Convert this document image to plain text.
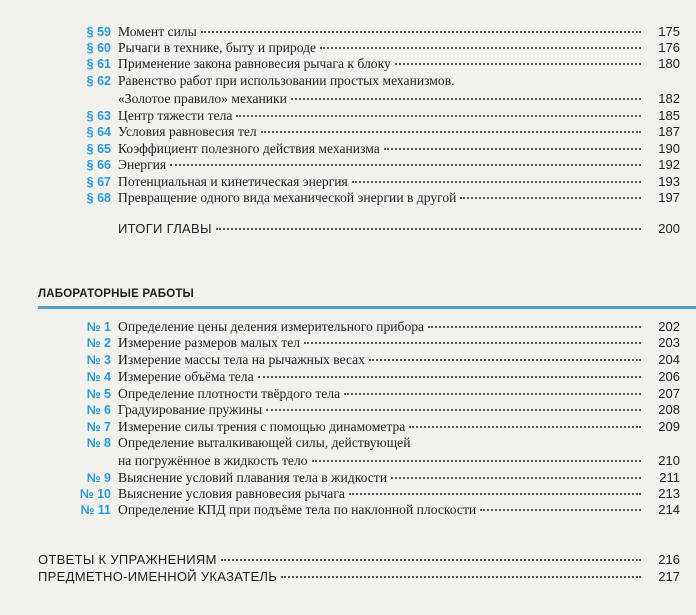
§ 59 Момент силы	175
§ 60 Рычаги в технике, быту и природе	176
§ 61 Применение закона равновесия рычага к блоку	180
§ 62 Равенство работ при использовании простых механизмов.
«Золотое правило» механики	182
§ 63 Центр тяжести тела	185
§ 64 Условия равновесия тел	187
§ 65 Коэффициент полезного действия механизма	190
§ 66 Энергия	192
§ 67 Потенциальная и кинетическая энергия	193
§ 68 Превращение одного вида механической энергии в другой	197
ИТОГИ ГЛАВЫ	200
ЛАБОРАТОРНЫЕ РАБОТЫ
№ 1 Определение цены деления измерительного прибора	202
№ 2 Измерение размеров малых тел	203
№ 3 Измерение массы тела на рычажных весах	204
№ 4 Измерение объёма тела	206
№ 5 Определение плотности твёрдого тела	207
№ 6 Градуирование пружины	208
№ 7 Измерение силы трения с помощью динамометра	209
№ 8 Определение выталкивающей силы, действующей
на погружённое в жидкость тело	210
№ 9 Выяснение условий плавания тела в жидкости	211
№ 10 Выяснение условия равновесия рычага	213
№ 11 Определение КПД при подъёме тела по наклонной плоскости	214
ОТВЕТЫ К УПРАЖНЕНИЯМ	216
ПРЕДМЕТНО-ИМЕННОЙ УКАЗАТЕЛЬ	217
